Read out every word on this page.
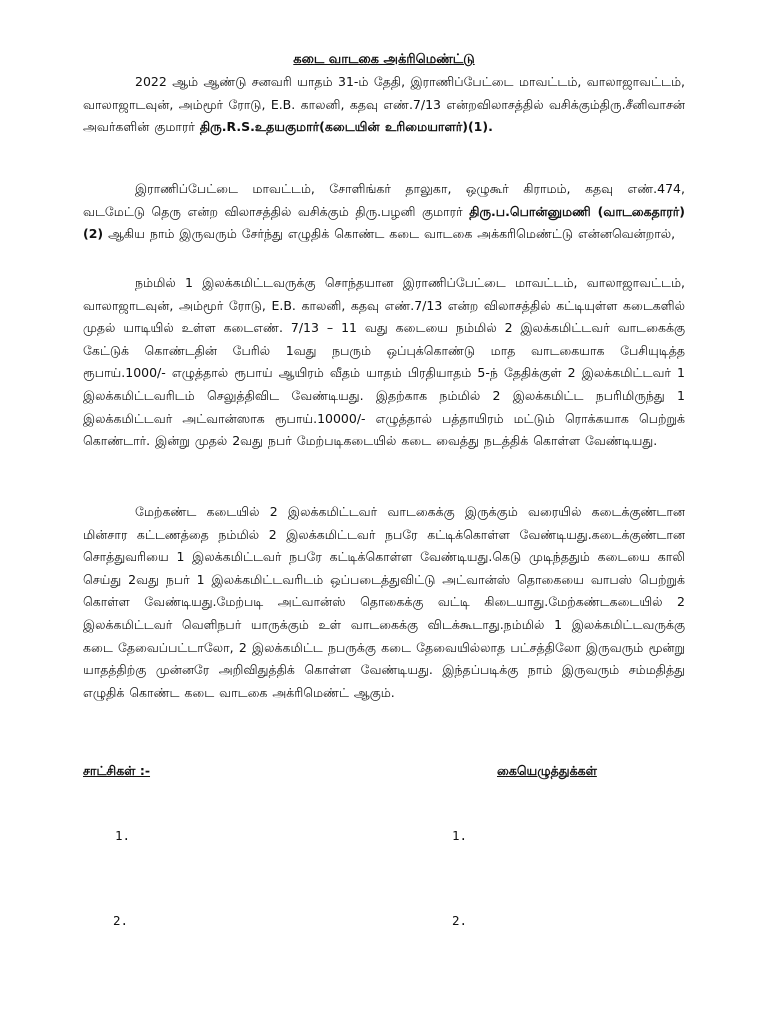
கடை வாடகை அக்ரிமெண்ட்டு

2022 ஆம் ஆண்டு சனவரி யாதம் 31-ம் தேதி, இராணிப்பேட்டை மாவட்டம், வாலாஜாவட்டம், வாலாஜாடவுன், அம்மூர் ரோடு, E.B. காலனி, கதவு எண்.7/13 என்றவிலாசத்தில் வசிக்கும்திரு.சீனிவாசன் அவர்களின் குமாரர் திரு.R.S.உதயகுமார்(கடையின் உரிமையாளர்)(1).

இராணிப்பேட்டை மாவட்டம், சோளிங்கர் தாலுகா, ஒழுகூர் கிராமம், கதவு எண்.474, வடமேட்டு தெரு என்ற விலாசத்தில் வசிக்கும் திரு.பழனி குமாரர் திரு.ப.பொன்னுமணி (வாடகைதாரர்) (2) ஆகிய நாம் இருவரும் சேர்ந்து எழுதிக் கொண்ட கடை வாடகை அக்கரிமெண்ட்டு என்னவென்றால்,

நம்மில் 1 இலக்கமிட்டவருக்கு சொந்தயான இராணிப்பேட்டை மாவட்டம், வாலாஜாவட்டம், வாலாஜாடவுன், அம்மூர் ரோடு, E.B. காலனி, கதவு எண்.7/13 என்ற விலாசத்தில் கட்டியுள்ள கடைகளில் முதல் யாடியில் உள்ள கடைஎண். 7/13 – 11 வது கடையை நம்மில் 2 இலக்கமிட்டவர் வாடகைக்கு கேட்டுக் கொண்டதின் பேரில் 1வது நபரும் ஒப்புக்கொண்டு மாத வாடகையாக பேசியுடித்த ரூபாய்.1000/- எழுத்தால் ரூபாய் ஆயிரம் வீதம் யாதம் பிரதியாதம் 5-ந் தேதிக்குள் 2 இலக்கமிட்டவர் 1 இலக்கமிட்டவரிடம் செலுத்திவிட வேண்டியது. இதற்காக நம்மில் 2 இலக்கமிட்ட நபரிமிருந்து 1 இலக்கமிட்டவர் அட்வான்ஸாக ரூபாய்.10000/- எழுத்தால் பத்தாயிரம் மட்டும் ரொக்கயாக பெற்றுக் கொண்டார். இன்று முதல் 2வது நபர் மேற்படிகடையில் கடை வைத்து நடத்திக் கொள்ள வேண்டியது.

மேற்கண்ட கடையில் 2 இலக்கமிட்டவர் வாடகைக்கு இருக்கும் வரையில் கடைக்குண்டான மின்சார கட்டணத்தை நம்மில் 2 இலக்கமிட்டவர் நபரே கட்டிக்கொள்ள வேண்டியது.கடைக்குண்டான சொத்துவரியை 1 இலக்கமிட்டவர் நபரே கட்டிக்கொள்ள வேண்டியது.கெடு முடிந்ததும் கடையை காலி செய்து 2வது நபர் 1 இலக்கமிட்டவரிடம் ஒப்படைத்துவிட்டு அட்வான்ஸ் தொகையை வாபஸ் பெற்றுக் கொள்ள வேண்டியது.மேற்படி அட்வான்ஸ் தொகைக்கு வட்டி கிடையாது.மேற்கண்டகடையில் 2 இலக்கமிட்டவர் வெளிநபர் யாருக்கும் உள் வாடகைக்கு விடக்கூடாது.நம்மில் 1 இலக்கமிட்டவருக்கு கடை தேவைப்பட்டாலோ, 2 இலக்கமிட்ட நபருக்கு கடை தேவையில்லாத பட்சத்திலோ இருவரும் மூன்று யாதத்திற்கு முன்னரே அறிவிதுத்திக் கொள்ள வேண்டியது. இந்தப்படிக்கு நாம் இருவரும் சம்மதித்து எழுதிக் கொண்ட கடை வாடகை அக்ரிமெண்ட் ஆகும்.

சாட்சிகள் :-	கையெழுத்துக்கள்
1.	1.
2.	2.
